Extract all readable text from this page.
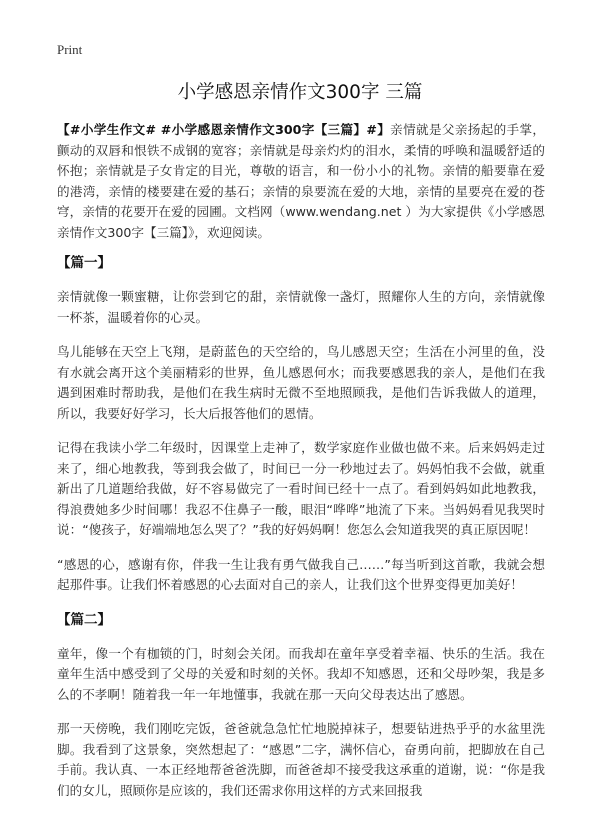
Print
小学感恩亲情作文300字 三篇

【#小学生作文# #小学感恩亲情作文300字【三篇】#】亲情就是父亲扬起的手掌，颤动的双唇和恨铁不成钢的宽容；亲情就是母亲灼灼的泪水，柔情的呼唤和温暖舒适的怀抱；亲情就是子女肯定的目光，尊敬的语言，和一份小小的礼物。亲情的船要靠在爱的港湾，亲情的楼要建在爱的基石；亲情的泉要流在爱的大地，亲情的星要亮在爱的苍穹，亲情的花要开在爱的园圃。文档网（www.wendang.net ）为大家提供《小学感恩亲情作文300字【三篇】》，欢迎阅读。

【篇一】

亲情就像一颗蜜糖，让你尝到它的甜，亲情就像一盏灯，照耀你人生的方向，亲情就像一杯茶，温暖着你的心灵。

鸟儿能够在天空上飞翔，是蔚蓝色的天空给的，鸟儿感恩天空；生活在小河里的鱼，没有水就会离开这个美丽精彩的世界，鱼儿感恩何水；而我要感恩我的亲人，是他们在我遇到困难时帮助我，是他们在我生病时无微不至地照顾我，是他们告诉我做人的道理，所以，我要好好学习，长大后报答他们的恩情。

记得在我读小学二年级时，因课堂上走神了，数学家庭作业做也做不来。后来妈妈走过来了，细心地教我，等到我会做了，时间已一分一秒地过去了。妈妈怕我不会做，就重新出了几道题给我做，好不容易做完了一看时间已经十一点了。看到妈妈如此地教我，得浪费她多少时间哪！我忍不住鼻子一酸，眼泪“哗哗”地流了下来。当妈妈看见我哭时说：“傻孩子，好端端地怎么哭了？”我的好妈妈啊！您怎么会知道我哭的真正原因呢！

“感恩的心，感谢有你，伴我一生让我有勇气做我自己……”每当听到这首歌，我就会想起那件事。让我们怀着感恩的心去面对自己的亲人，让我们这个世界变得更加美好！

【篇二】

童年，像一个有枷锁的门，时刻会关闭。而我却在童年享受着幸福、快乐的生活。我在童年生活中感受到了父母的关爱和时刻的关怀。我却不知感恩，还和父母吵架，我是多么的不孝啊！随着我一年一年地懂事，我就在那一天向父母表达出了感恩。

那一天傍晚，我们刚吃完饭，爸爸就急急忙忙地脱掉袜子，想要钻进热乎乎的水盆里洗脚。我看到了这景象，突然想起了：“感恩”二字，满怀信心，奋勇向前，把脚放在自己手前。我认真、一本正经地帮爸爸洗脚，而爸爸却不接受我这承重的道谢，说：“你是我们的女儿，照顾你是应该的，我们还需求你用这样的方式来回报我
